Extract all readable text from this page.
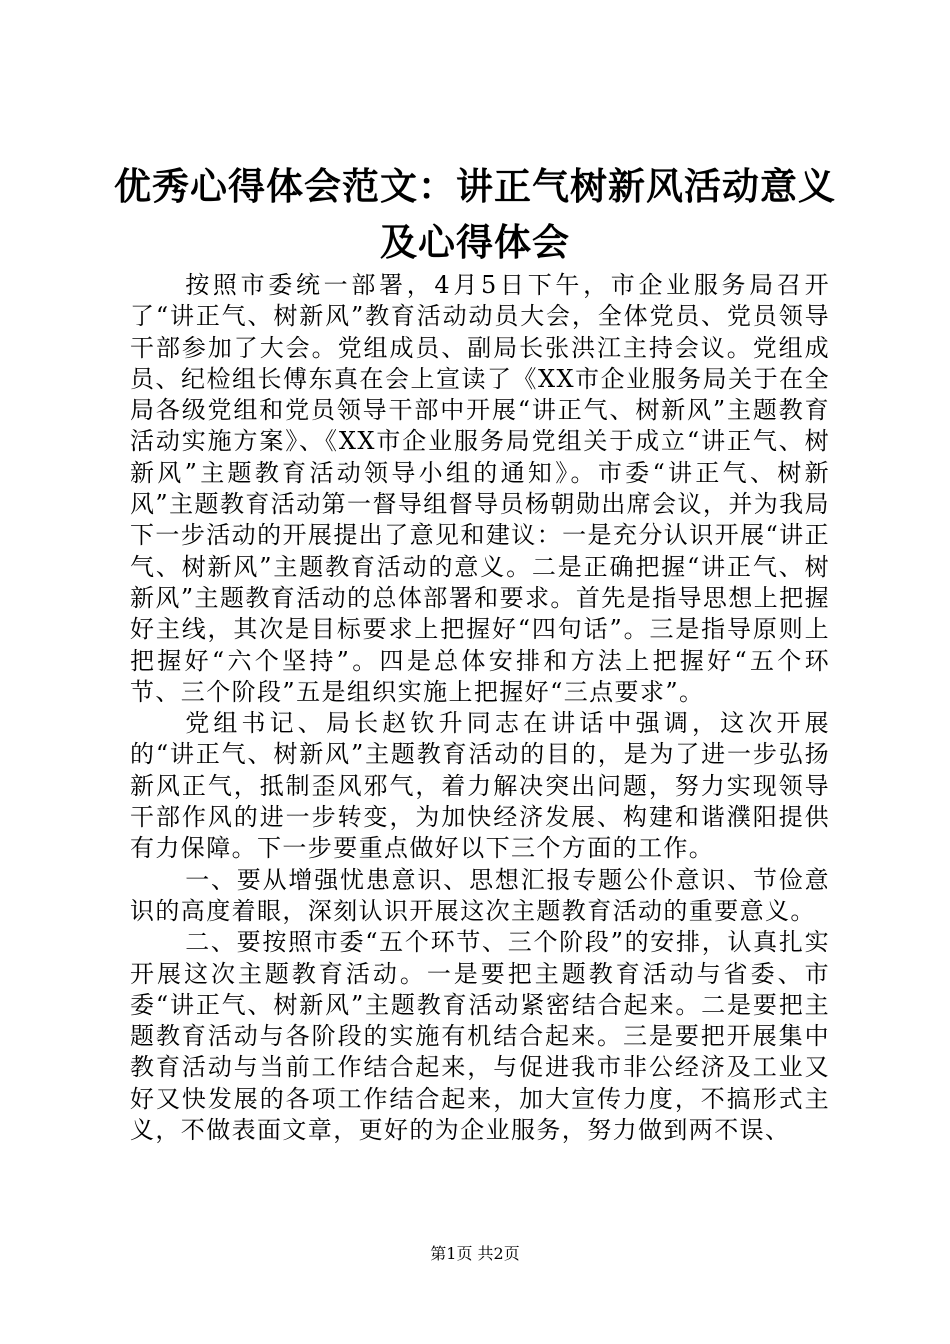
优秀心得体会范文：讲正气树新风活动意义及心得体会

按照市委统一部署，4月5日下午，市企业服务局召开了“讲正气、树新风”教育活动动员大会，全体党员、党员领导干部参加了大会。党组成员、副局长张洪江主持会议。党组成员、纪检组长傅东真在会上宣读了《XX市企业服务局关于在全局各级党组和党员领导干部中开展“讲正气、树新风”主题教育活动实施方案》、《XX市企业服务局党组关于成立“讲正气、树新风”主题教育活动领导小组的通知》。市委“讲正气、树新风”主题教育活动第一督导组督导员杨朝勋出席会议，并为我局下一步活动的开展提出了意见和建议：一是充分认识开展“讲正气、树新风”主题教育活动的意义。二是正确把握“讲正气、树新风”主题教育活动的总体部署和要求。首先是指导思想上把握好主线，其次是目标要求上把握好“四句话”。三是指导原则上把握好“六个坚持”。四是总体安排和方法上把握好“五个环节、三个阶段”五是组织实施上把握好“三点要求”。

党组书记、局长赵钦升同志在讲话中强调，这次开展的“讲正气、树新风”主题教育活动的目的，是为了进一步弘扬新风正气，抵制歪风邪气，着力解决突出问题，努力实现领导干部作风的进一步转变，为加快经济发展、构建和谐濮阳提供有力保障。下一步要重点做好以下三个方面的工作。

一、要从增强忧患意识、思想汇报专题公仆意识、节俭意识的高度着眼，深刻认识开展这次主题教育活动的重要意义。

二、要按照市委“五个环节、三个阶段”的安排，认真扎实开展这次主题教育活动。一是要把主题教育活动与省委、市委“讲正气、树新风”主题教育活动紧密结合起来。二是要把主题教育活动与各阶段的实施有机结合起来。三是要把开展集中教育活动与当前工作结合起来，与促进我市非公经济及工业又好又快发展的各项工作结合起来，加大宣传力度，不搞形式主义，不做表面文章，更好的为企业服务，努力做到两不误、

第1页 共2页
